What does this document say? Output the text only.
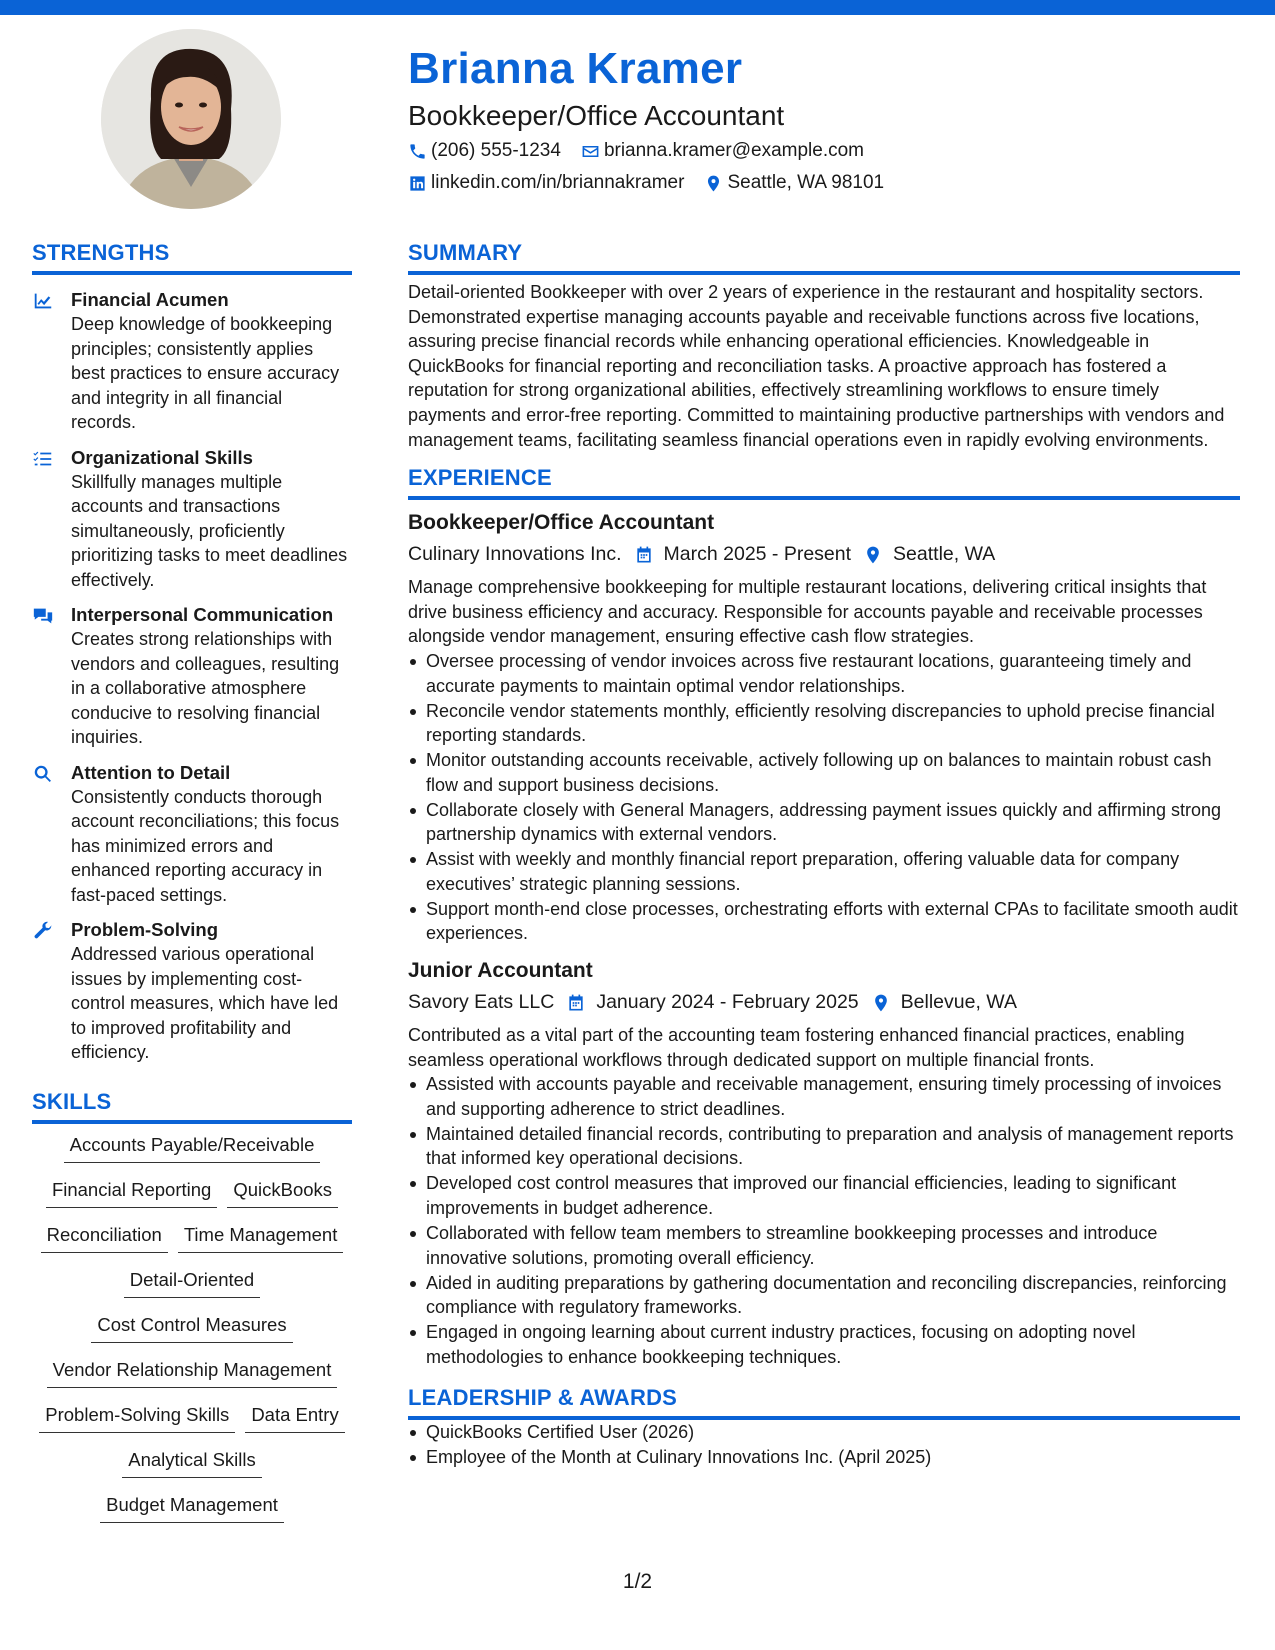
Brianna Kramer
Bookkeeper/Office Accountant
(206) 555-1234 brianna.kramer@example.com
linkedin.com/in/briannakramer Seattle, WA 98101
STRENGTHS
Financial Acumen
Deep knowledge of bookkeeping principles; consistently applies best practices to ensure accuracy and integrity in all financial records.
Organizational Skills
Skillfully manages multiple accounts and transactions simultaneously, proficiently prioritizing tasks to meet deadlines effectively.
Interpersonal Communication
Creates strong relationships with vendors and colleagues, resulting in a collaborative atmosphere conducive to resolving financial inquiries.
Attention to Detail
Consistently conducts thorough account reconciliations; this focus has minimized errors and enhanced reporting accuracy in fast-paced settings.
Problem-Solving
Addressed various operational issues by implementing cost-control measures, which have led to improved profitability and efficiency.
SKILLS
Accounts Payable/Receivable
Financial Reporting	QuickBooks
Reconciliation	Time Management
Detail-Oriented
Cost Control Measures
Vendor Relationship Management
Problem-Solving Skills	Data Entry
Analytical Skills
Budget Management
SUMMARY
Detail-oriented Bookkeeper with over 2 years of experience in the restaurant and hospitality sectors. Demonstrated expertise managing accounts payable and receivable functions across five locations, assuring precise financial records while enhancing operational efficiencies. Knowledgeable in QuickBooks for financial reporting and reconciliation tasks. A proactive approach has fostered a reputation for strong organizational abilities, effectively streamlining workflows to ensure timely payments and error-free reporting. Committed to maintaining productive partnerships with vendors and management teams, facilitating seamless financial operations even in rapidly evolving environments.
EXPERIENCE
Bookkeeper/Office Accountant
Culinary Innovations Inc. March 2025 - Present Seattle, WA
Manage comprehensive bookkeeping for multiple restaurant locations, delivering critical insights that drive business efficiency and accuracy. Responsible for accounts payable and receivable processes alongside vendor management, ensuring effective cash flow strategies.
Oversee processing of vendor invoices across five restaurant locations, guaranteeing timely and accurate payments to maintain optimal vendor relationships.
Reconcile vendor statements monthly, efficiently resolving discrepancies to uphold precise financial reporting standards.
Monitor outstanding accounts receivable, actively following up on balances to maintain robust cash flow and support business decisions.
Collaborate closely with General Managers, addressing payment issues quickly and affirming strong partnership dynamics with external vendors.
Assist with weekly and monthly financial report preparation, offering valuable data for company executives’ strategic planning sessions.
Support month-end close processes, orchestrating efforts with external CPAs to facilitate smooth audit experiences.
Junior Accountant
Savory Eats LLC January 2024 - February 2025 Bellevue, WA
Contributed as a vital part of the accounting team fostering enhanced financial practices, enabling seamless operational workflows through dedicated support on multiple financial fronts.
Assisted with accounts payable and receivable management, ensuring timely processing of invoices and supporting adherence to strict deadlines.
Maintained detailed financial records, contributing to preparation and analysis of management reports that informed key operational decisions.
Developed cost control measures that improved our financial efficiencies, leading to significant improvements in budget adherence.
Collaborated with fellow team members to streamline bookkeeping processes and introduce innovative solutions, promoting overall efficiency.
Aided in auditing preparations by gathering documentation and reconciling discrepancies, reinforcing compliance with regulatory frameworks.
Engaged in ongoing learning about current industry practices, focusing on adopting novel methodologies to enhance bookkeeping techniques.
LEADERSHIP & AWARDS
QuickBooks Certified User (2026)
Employee of the Month at Culinary Innovations Inc. (April 2025)
1/2
